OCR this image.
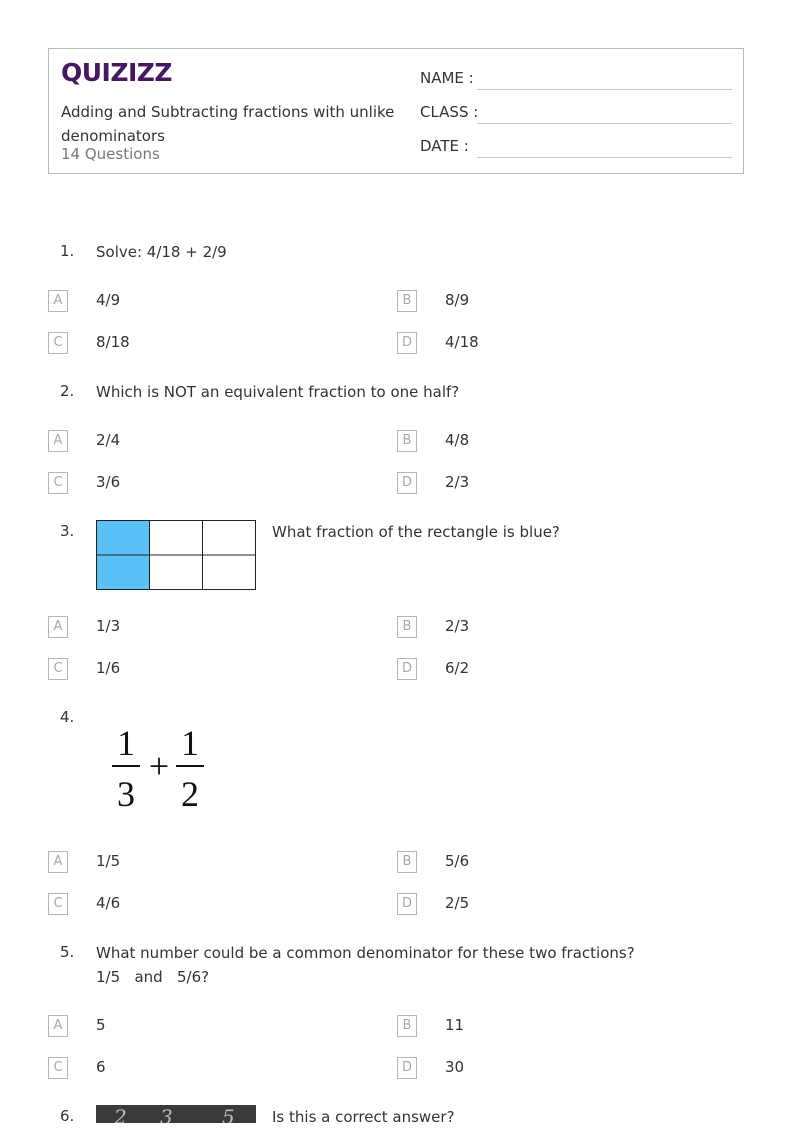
QUIZIZZ
Adding and Subtracting fractions with unlike denominators
14 Questions
NAME :
CLASS :
DATE :
1. Solve: 4/18 + 2/9
A	4/9	B	8/9
C	8/18	D	4/18
2. Which is NOT an equivalent fraction to one half?
A	2/4	B	4/8
C	3/6	D	2/3
3.	What fraction of the rectangle is blue?
A	1/3	B	2/3
C	1/6	D	6/2
4.
1
3
+
1
2
A	1/5	B	5/6
C	4/6	D	2/5
5. What number could be a common denominator for these two fractions?
1/5   and   5/6?
A	5	B	11
C	6	D	30
6. 2 3 5 Is this a correct answer?
